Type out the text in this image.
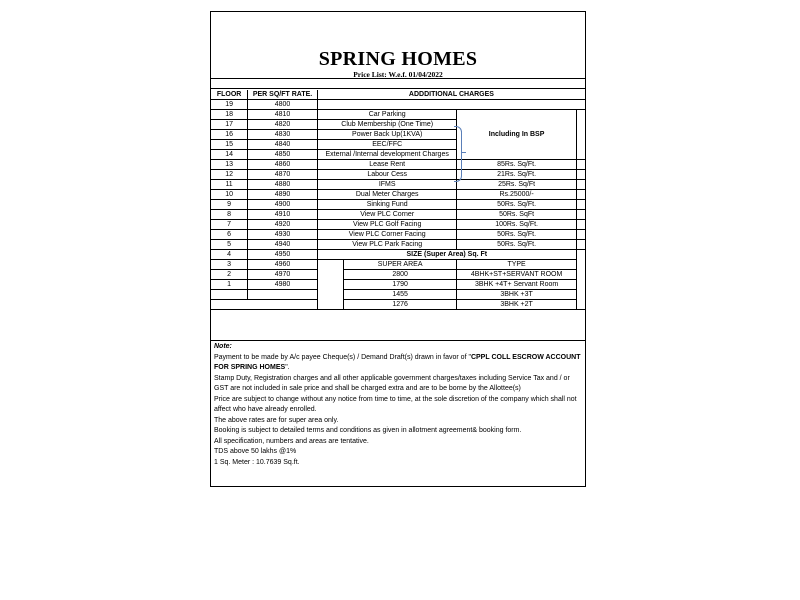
SPRING HOMES
Price List: W.e.f. 01/04/2022
FLOOR	PER SQ/FT RATE.	ADDDITIONAL CHARGES			
19	4800				
18	4810	Car Parking		Including In BSP	
17	4820	Club Membership (One Time)			
16	4830	Power Back Up(1KVA)			
15	4840	EEC/FFC			
14	4850	External /Internal development Charges			
13	4860	Lease Rent		85Rs. Sq/Ft.	
12	4870	Labour Cess		21Rs. Sq/Ft.	
11	4880	IFMS		25Rs. Sq/Ft	
10	4890	Dual Meter Charges		Rs.25000/-	
9	4900	Sinking Fund		50Rs. Sq/Ft.	
8	4910	View PLC Corner		50Rs. SqFt	
7	4920	View PLC Golf Facing		100Rs. Sq/Ft.	
6	4930	View PLC Corner Facing		50Rs. Sq/Ft.	
5	4940	View PLC Park Facing		50Rs. Sq/Ft.	
4	4950	SIZE (Super Area) Sq. Ft			
3	4960		SUPER AREA	TYPE	
2	4970		2800	4BHK+ST+SERVANT ROOM	
1	4980		1790	3BHK +4T+ Servant Room	
			1455	3BHK +3T	
			1276	3BHK +2T	

Note:

Payment to be made by A/c payee Cheque(s) / Demand Draft(s) drawn in favor of "CPPL COLL ESCROW ACCOUNT FOR SPRING HOMES".

Stamp Duty, Registration charges and all other applicable government charges/taxes including Service Tax and / or GST are not included in sale price and shall be charged extra and are to be borne by the Allottee(s)

Price are subject to change without any notice from time to time, at the sole discretion of the company which shall not affect who have already enrolled.

The above rates are for super area only.

Booking is subject to detailed terms and conditions as given in allotment agreement& booking form.

All specification, numbers and areas are tentative.

TDS above 50 lakhs @1%

1 Sq. Meter : 10.7639 Sq.ft.
